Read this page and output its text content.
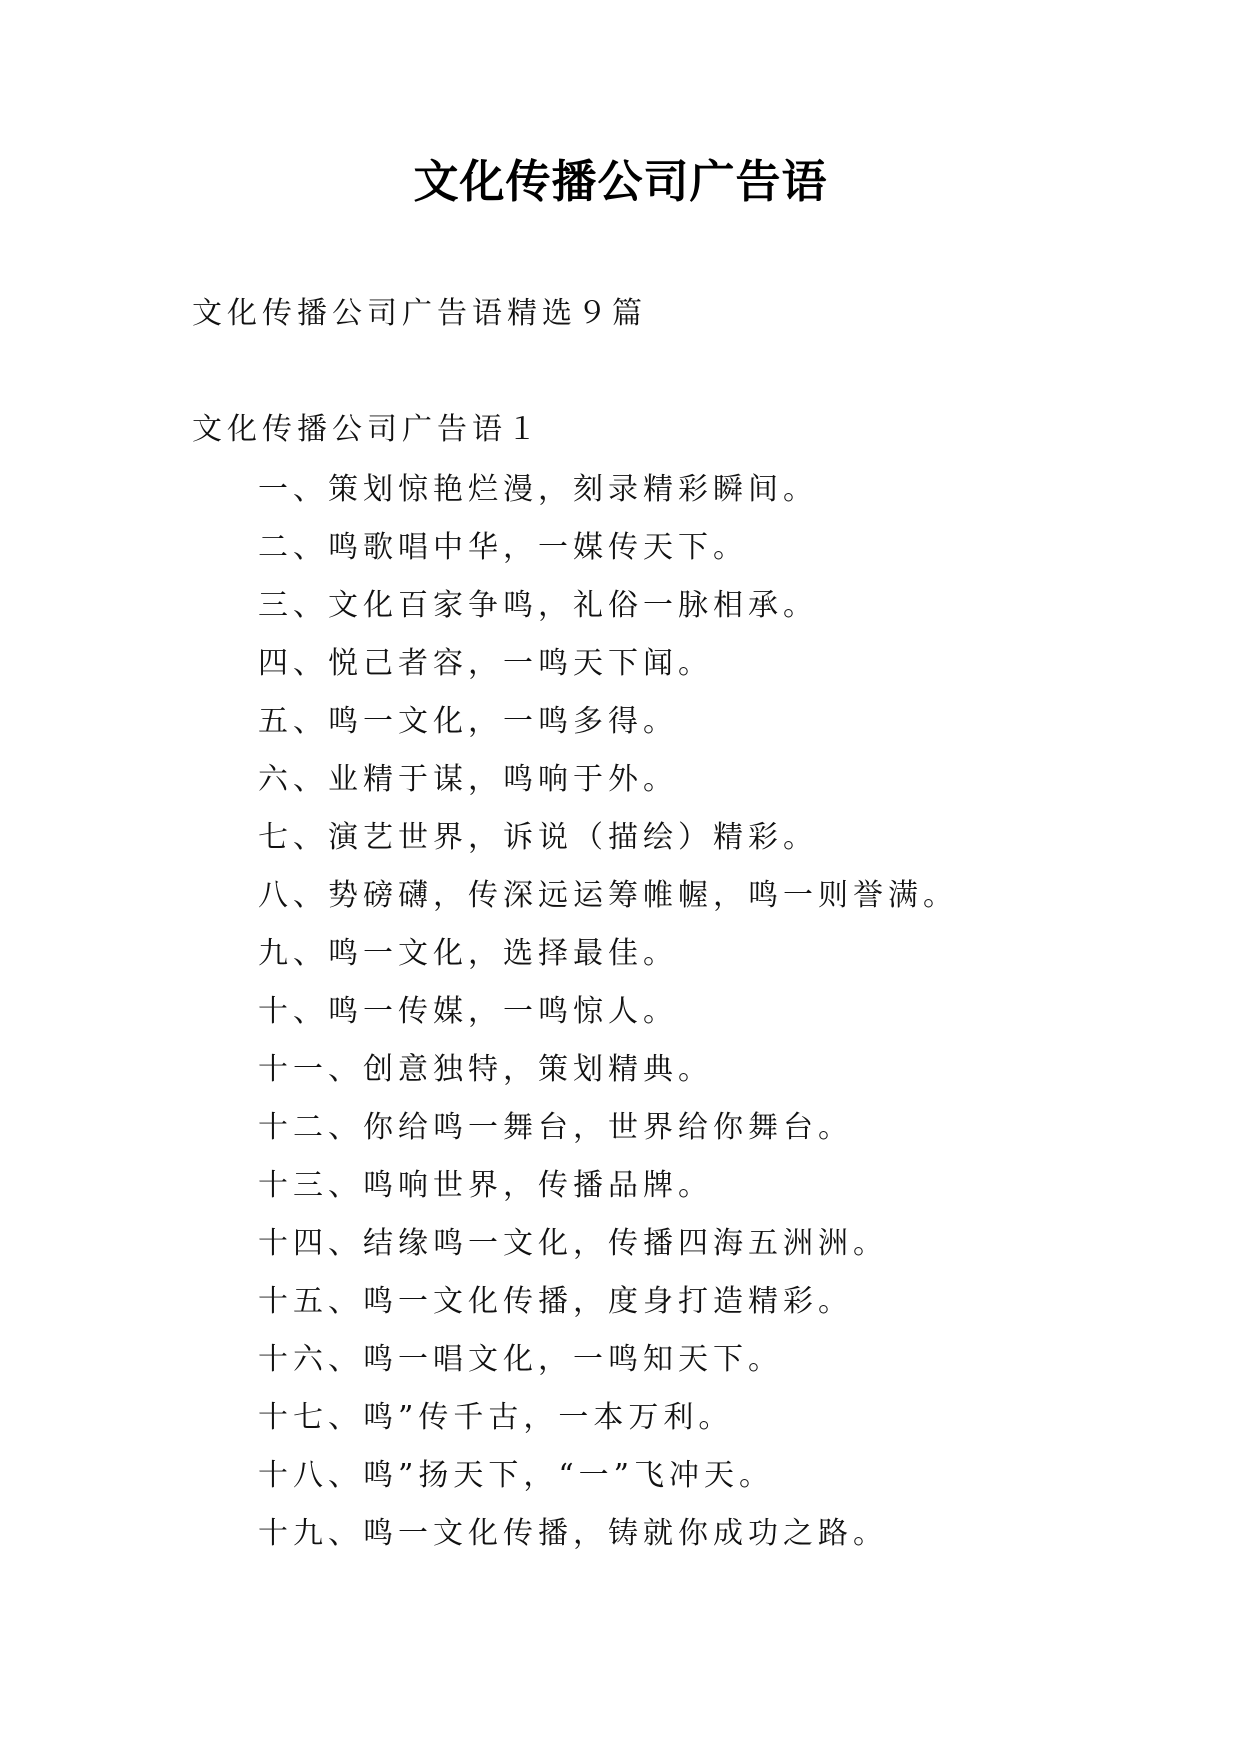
文化传播公司广告语
文化传播公司广告语精选９篇
文化传播公司广告语１
一、策划惊艳烂漫，刻录精彩瞬间。
二、鸣歌唱中华，一媒传天下。
三、文化百家争鸣，礼俗一脉相承。
四、悦己者容，一鸣天下闻。
五、鸣一文化，一鸣多得。
六、业精于谋，鸣响于外。
七、演艺世界，诉说（描绘）精彩。
八、势磅礴，传深远运筹帷幄，鸣一则誉满。
九、鸣一文化，选择最佳。
十、鸣一传媒，一鸣惊人。
十一、创意独特，策划精典。
十二、你给鸣一舞台，世界给你舞台。
十三、鸣响世界，传播品牌。
十四、结缘鸣一文化，传播四海五洲洲。
十五、鸣一文化传播，度身打造精彩。
十六、鸣一唱文化，一鸣知天下。
十七、鸣”传千古，一本万利。
十八、鸣”扬天下，“一”飞冲天。
十九、鸣一文化传播，铸就你成功之路。
